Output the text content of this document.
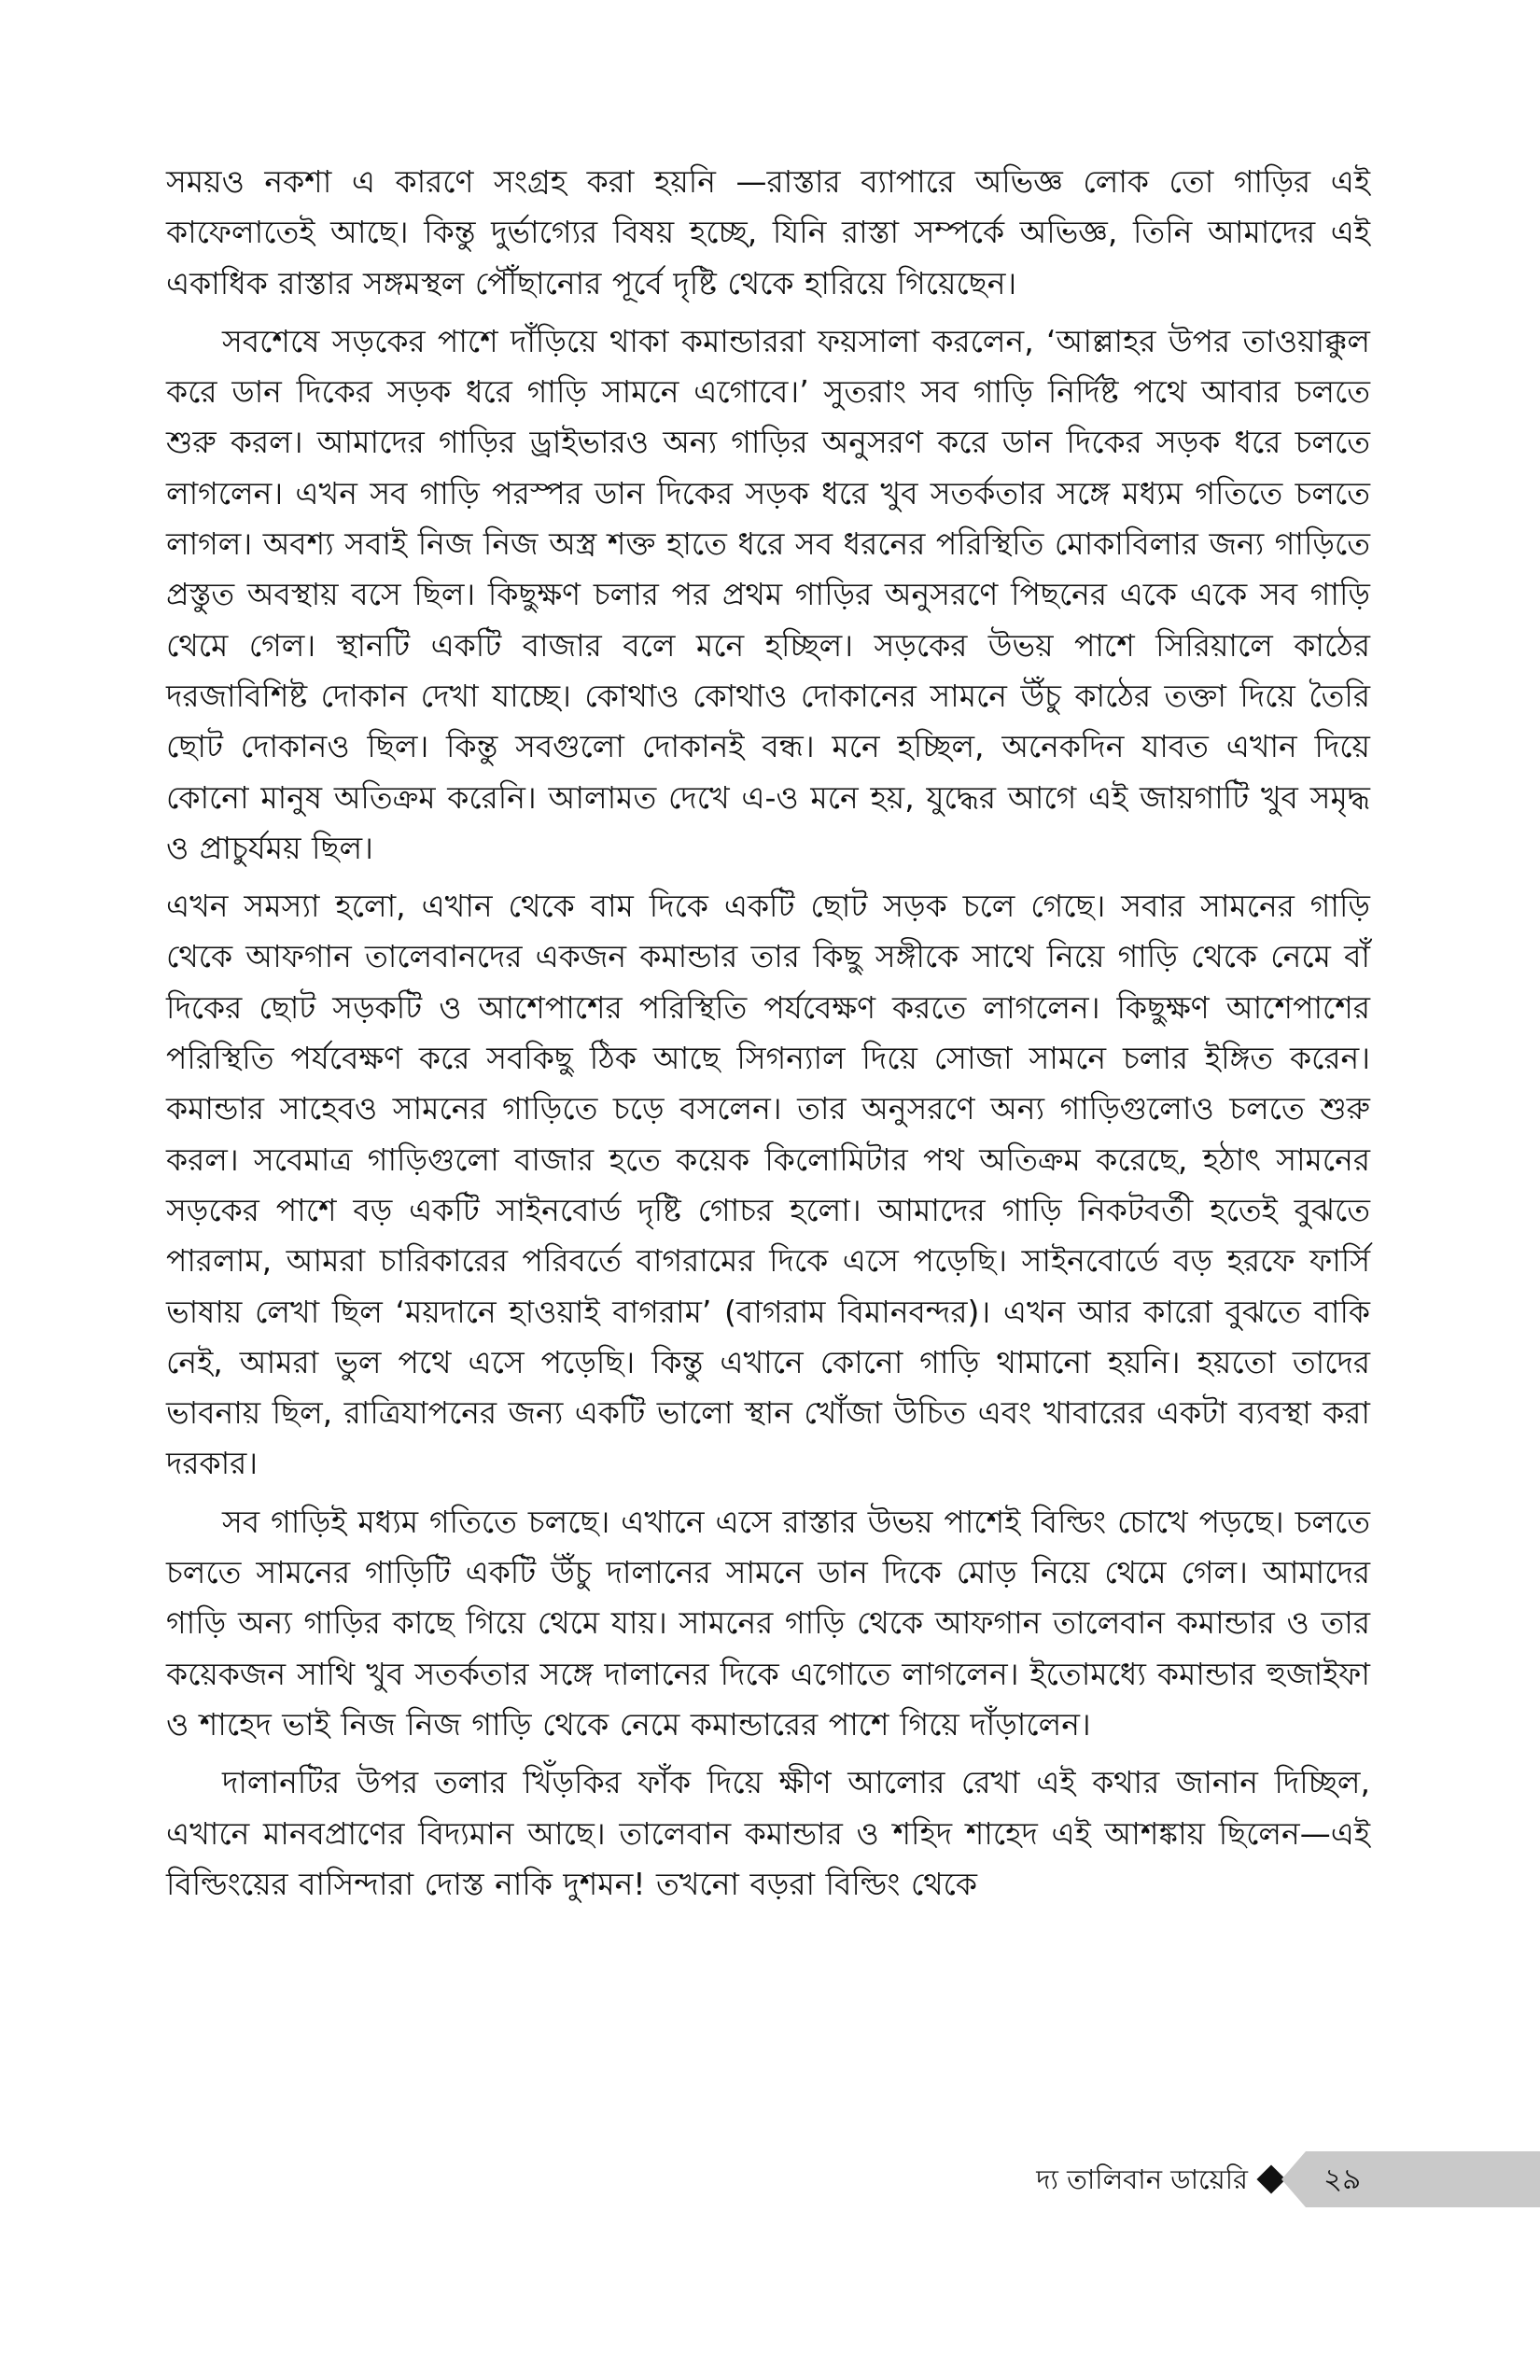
সময়ও নকশা এ কারণে সংগ্রহ করা হয়নি —রাস্তার ব্যাপারে অভিজ্ঞ লোক তো গাড়ির এই কাফেলাতেই আছে। কিন্তু দুর্ভাগ্যের বিষয় হচ্ছে, যিনি রাস্তা সম্পর্কে অভিজ্ঞ, তিনি আমাদের এই একাধিক রাস্তার সঙ্গমস্থল পৌঁছানোর পূর্বে দৃষ্টি থেকে হারিয়ে গিয়েছেন।

সবশেষে সড়কের পাশে দাঁড়িয়ে থাকা কমান্ডাররা ফয়সালা করলেন, ‘আল্লাহর উপর তাওয়াক্কুল করে ডান দিকের সড়ক ধরে গাড়ি সামনে এগোবে।’ সুতরাং সব গাড়ি নির্দিষ্ট পথে আবার চলতে শুরু করল। আমাদের গাড়ির ড্রাইভারও অন্য গাড়ির অনুসরণ করে ডান দিকের সড়ক ধরে চলতে লাগলেন। এখন সব গাড়ি পরস্পর ডান দিকের সড়ক ধরে খুব সতর্কতার সঙ্গে মধ্যম গতিতে চলতে লাগল। অবশ্য সবাই নিজ নিজ অস্ত্র শক্ত হাতে ধরে সব ধরনের পরিস্থিতি মোকাবিলার জন্য গাড়িতে প্রস্তুত অবস্থায় বসে ছিল। কিছুক্ষণ চলার পর প্রথম গাড়ির অনুসরণে পিছনের একে একে সব গাড়ি থেমে গেল। স্থানটি একটি বাজার বলে মনে হচ্ছিল। সড়কের উভয় পাশে সিরিয়ালে কাঠের দরজাবিশিষ্ট দোকান দেখা যাচ্ছে। কোথাও কোথাও দোকানের সামনে উঁচু কাঠের তক্তা দিয়ে তৈরি ছোট দোকানও ছিল। কিন্তু সবগুলো দোকানই বন্ধ। মনে হচ্ছিল, অনেকদিন যাবত এখান দিয়ে কোনো মানুষ অতিক্রম করেনি। আলামত দেখে এ-ও মনে হয়, যুদ্ধের আগে এই জায়গাটি খুব সমৃদ্ধ ও প্রাচুর্যময় ছিল।

এখন সমস্যা হলো, এখান থেকে বাম দিকে একটি ছোট সড়ক চলে গেছে। সবার সামনের গাড়ি থেকে আফগান তালেবানদের একজন কমান্ডার তার কিছু সঙ্গীকে সাথে নিয়ে গাড়ি থেকে নেমে বাঁ দিকের ছোট সড়কটি ও আশেপাশের পরিস্থিতি পর্যবেক্ষণ করতে লাগলেন। কিছুক্ষণ আশেপাশের পরিস্থিতি পর্যবেক্ষণ করে সবকিছু ঠিক আছে সিগন্যাল দিয়ে সোজা সামনে চলার ইঙ্গিত করেন। কমান্ডার সাহেবও সামনের গাড়িতে চড়ে বসলেন। তার অনুসরণে অন্য গাড়িগুলোও চলতে শুরু করল। সবেমাত্র গাড়িগুলো বাজার হতে কয়েক কিলোমিটার পথ অতিক্রম করেছে, হঠাৎ সামনের সড়কের পাশে বড় একটি সাইনবোর্ড দৃষ্টি গোচর হলো। আমাদের গাড়ি নিকটবর্তী হতেই বুঝতে পারলাম, আমরা চারিকারের পরিবর্তে বাগরামের দিকে এসে পড়েছি। সাইনবোর্ডে বড় হরফে ফার্সি ভাষায় লেখা ছিল ‘ময়দানে হাওয়াই বাগরাম’ (বাগরাম বিমানবন্দর)। এখন আর কারো বুঝতে বাকি নেই, আমরা ভুল পথে এসে পড়েছি। কিন্তু এখানে কোনো গাড়ি থামানো হয়নি। হয়তো তাদের ভাবনায় ছিল, রাত্রিযাপনের জন্য একটি ভালো স্থান খোঁজা উচিত এবং খাবারের একটা ব্যবস্থা করা দরকার।

সব গাড়িই মধ্যম গতিতে চলছে। এখানে এসে রাস্তার উভয় পাশেই বিল্ডিং চোখে পড়ছে। চলতে চলতে সামনের গাড়িটি একটি উঁচু দালানের সামনে ডান দিকে মোড় নিয়ে থেমে গেল। আমাদের গাড়ি অন্য গাড়ির কাছে গিয়ে থেমে যায়। সামনের গাড়ি থেকে আফগান তালেবান কমান্ডার ও তার কয়েকজন সাথি খুব সতর্কতার সঙ্গে দালানের দিকে এগোতে লাগলেন। ইতোমধ্যে কমান্ডার হুজাইফা ও শাহেদ ভাই নিজ নিজ গাড়ি থেকে নেমে কমান্ডারের পাশে গিয়ে দাঁড়ালেন।

দালানটির উপর তলার খিঁড়কির ফাঁক দিয়ে ক্ষীণ আলোর রেখা এই কথার জানান দিচ্ছিল, এখানে মানবপ্রাণের বিদ্যমান আছে। তালেবান কমান্ডার ও শহিদ শাহেদ এই আশঙ্কায় ছিলেন—এই বিল্ডিংয়ের বাসিন্দারা দোস্ত নাকি দুশমন! তখনো বড়রা বিল্ডিং থেকে

দ্য তালিবান ডায়েরি	২৯
